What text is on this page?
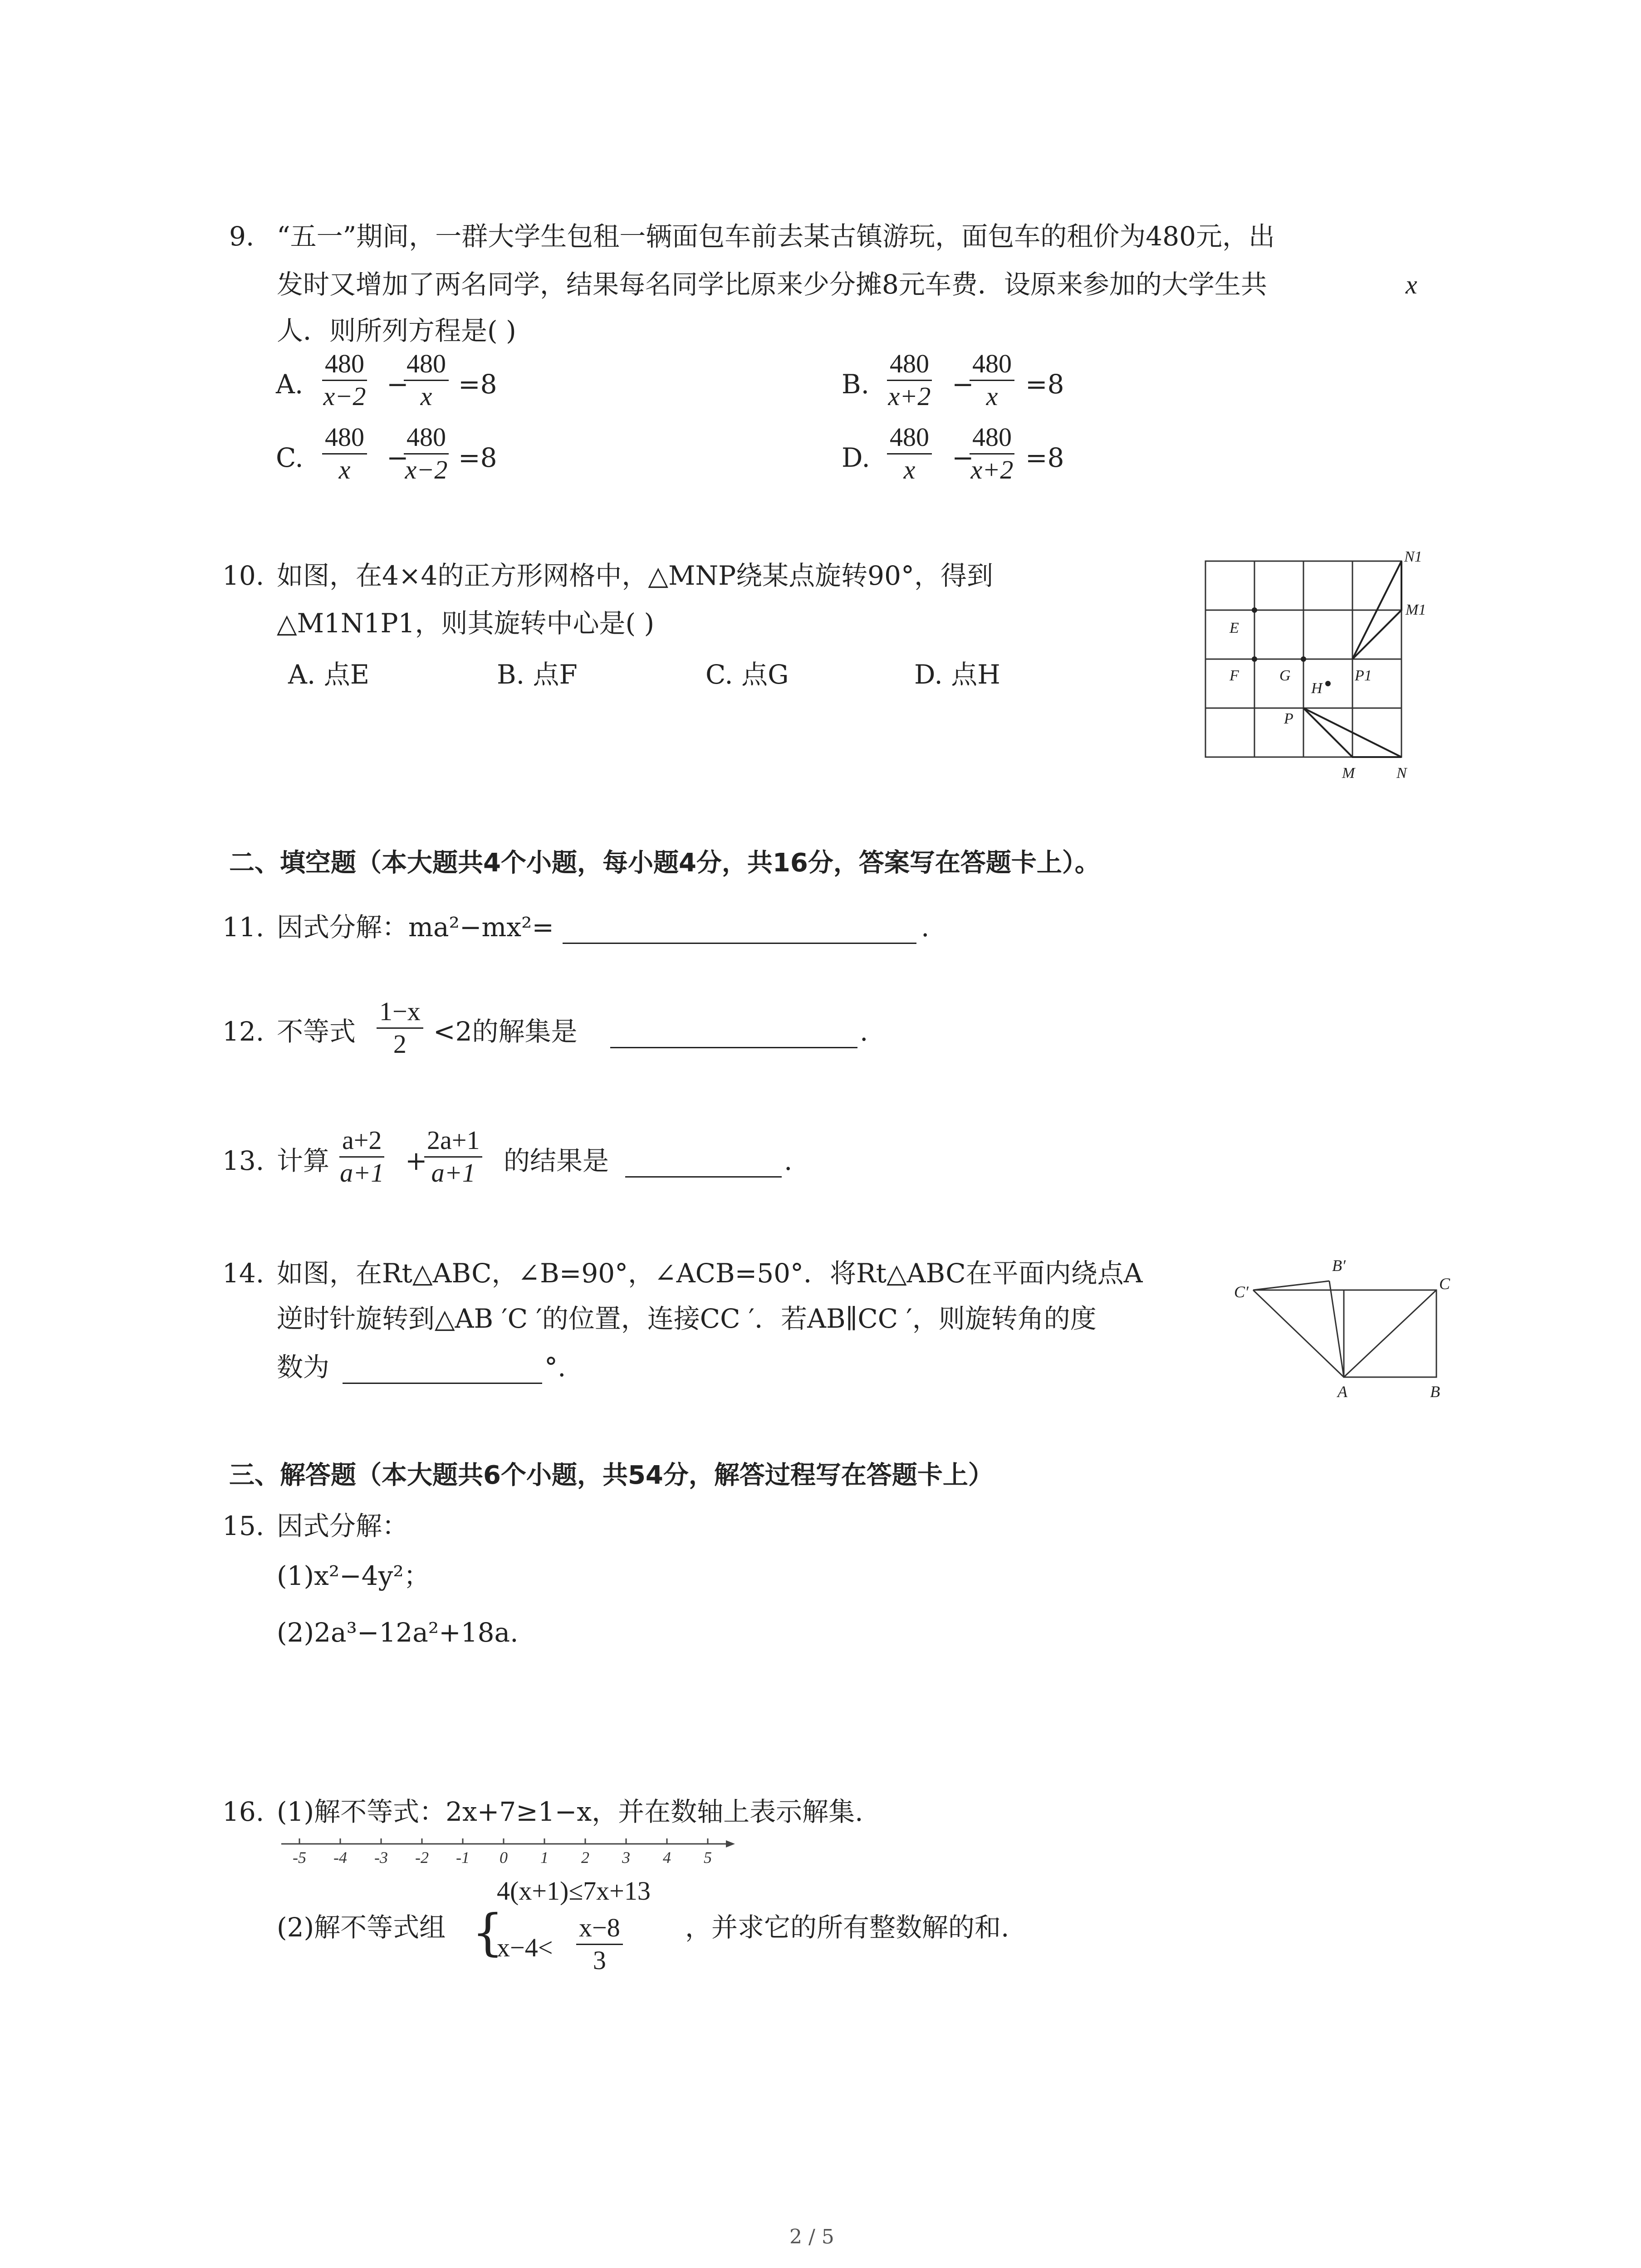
9. “五一”期间，一群大学生包租一辆面包车前去某古镇游玩，面包车的租价为480元，出
发时又增加了两名同学，结果每名同学比原来少分摊8元车费．设原来参加的大学生共	x
人．则所列方程是( )
A. $\frac{480}{x-2}$ −
$\frac{480}{x} =8$	B. $\frac{480}{x+2}$ −
$\frac{480}{x} =8$
C. $\frac{480}{x}$ −
$\frac{480}{x-2} =8$	D. $\frac{480}{x}$ −
$\frac{480}{x+2} =8$
10. 如图，在4×4的正方形网格中，△MNP绕某点旋转90°，得到
△M1N1P1，则其旋转中心是( )
A. 点E	B. 点F	C. 点G	D. 点H
N1
M1
E
F	G
H
P1
P
M	N
二、填空题（本大题共4个小题，每小题4分，共16分，答案写在答题卡上）。
11. 因式分解：ma²−mx²=	.
12. 不等式 $\frac{1-x}{2} <2$的解集是	.
13. 计算 $\frac{a+2}{a+1}$ +
$\frac{2a+1}{a+1}$ 的结果是	.
14. 如图，在Rt△ABC，∠B=90°，∠ACB=50°．将Rt△ABC在平面内绕点A
逆时针旋转到△AB ′C ′的位置，连接CC ′．若AB∥CC ′，则旋转角的度
数为	°.
C′
B′
C
A	B
三、解答题（本大题共6个小题，共54分，解答过程写在答题卡上）
15. 因式分解：
(1)x²−4y²；
(2)2a³−12a²+18a.
16. (1)解不等式：2x+7≥1−x，并在数轴上表示解集.
-5 -4 -3 -2 -1 0 1 2 3 4 5
(2)解不等式组 {
4(x+1)≤7x+13
$x-4< \frac{x-8}{3}$ ，并求它的所有整数解的和.
2 / 5
